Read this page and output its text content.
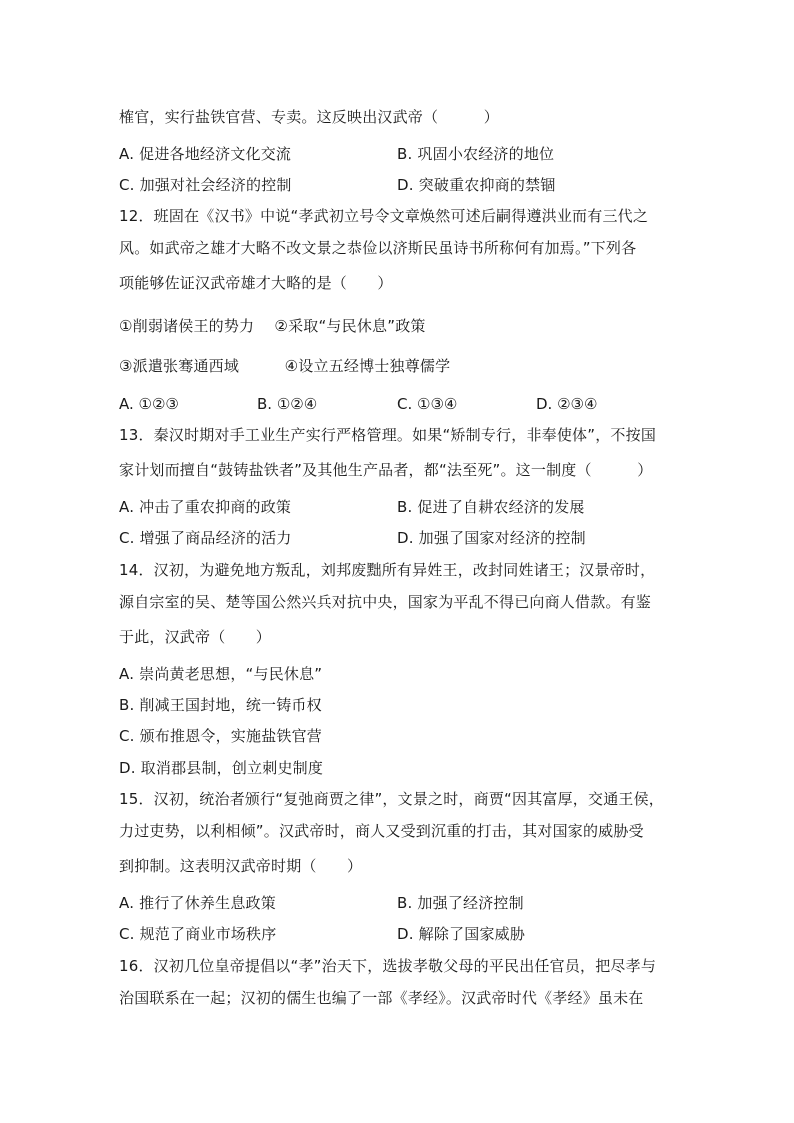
榷官，实行盐铁官营、专卖。这反映出汉武帝（　　　）
A. 促进各地经济文化交流	B. 巩固小农经济的地位
C. 加强对社会经济的控制	D. 突破重农抑商的禁锢
12．班固在《汉书》中说“孝武初立号令文章焕然可述后嗣得遵洪业而有三代之
风。如武帝之雄才大略不改文景之恭俭以济斯民虽诗书所称何有加焉。”下列各
项能够佐证汉武帝雄才大略的是（　　）
①削弱诸侯王的势力　 ②采取“与民休息”政策
③派遣张骞通西域　　　④设立五经博士独尊儒学
A. ①②③	B. ①②④	C. ①③④	D. ②③④
13．秦汉时期对手工业生产实行严格管理。如果“矫制专行，非奉使体”，不按国
家计划而擅自“鼓铸盐铁者”及其他生产品者，都“法至死”。这一制度（　　　）
A. 冲击了重农抑商的政策	B. 促进了自耕农经济的发展
C. 增强了商品经济的活力	D. 加强了国家对经济的控制
14．汉初，为避免地方叛乱，刘邦废黜所有异姓王，改封同姓诸王；汉景帝时，
源自宗室的吴、楚等国公然兴兵对抗中央，国家为平乱不得已向商人借款。有鉴
于此，汉武帝（　　）
A. 崇尚黄老思想，“与民休息”
B. 削减王国封地，统一铸币权
C. 颁布推恩令，实施盐铁官营
D. 取消郡县制，创立刺史制度
15．汉初，统治者颁行“复弛商贾之律”，文景之时，商贾“因其富厚，交通王侯，
力过吏势，以利相倾”。汉武帝时，商人又受到沉重的打击，其对国家的威胁受
到抑制。这表明汉武帝时期（　　）
A. 推行了休养生息政策	B. 加强了经济控制
C. 规范了商业市场秩序	D. 解除了国家威胁
16．汉初几位皇帝提倡以“孝”治天下，选拔孝敬父母的平民出任官员，把尽孝与
治国联系在一起；汉初的儒生也编了一部《孝经》。汉武帝时代《孝经》虽未在
